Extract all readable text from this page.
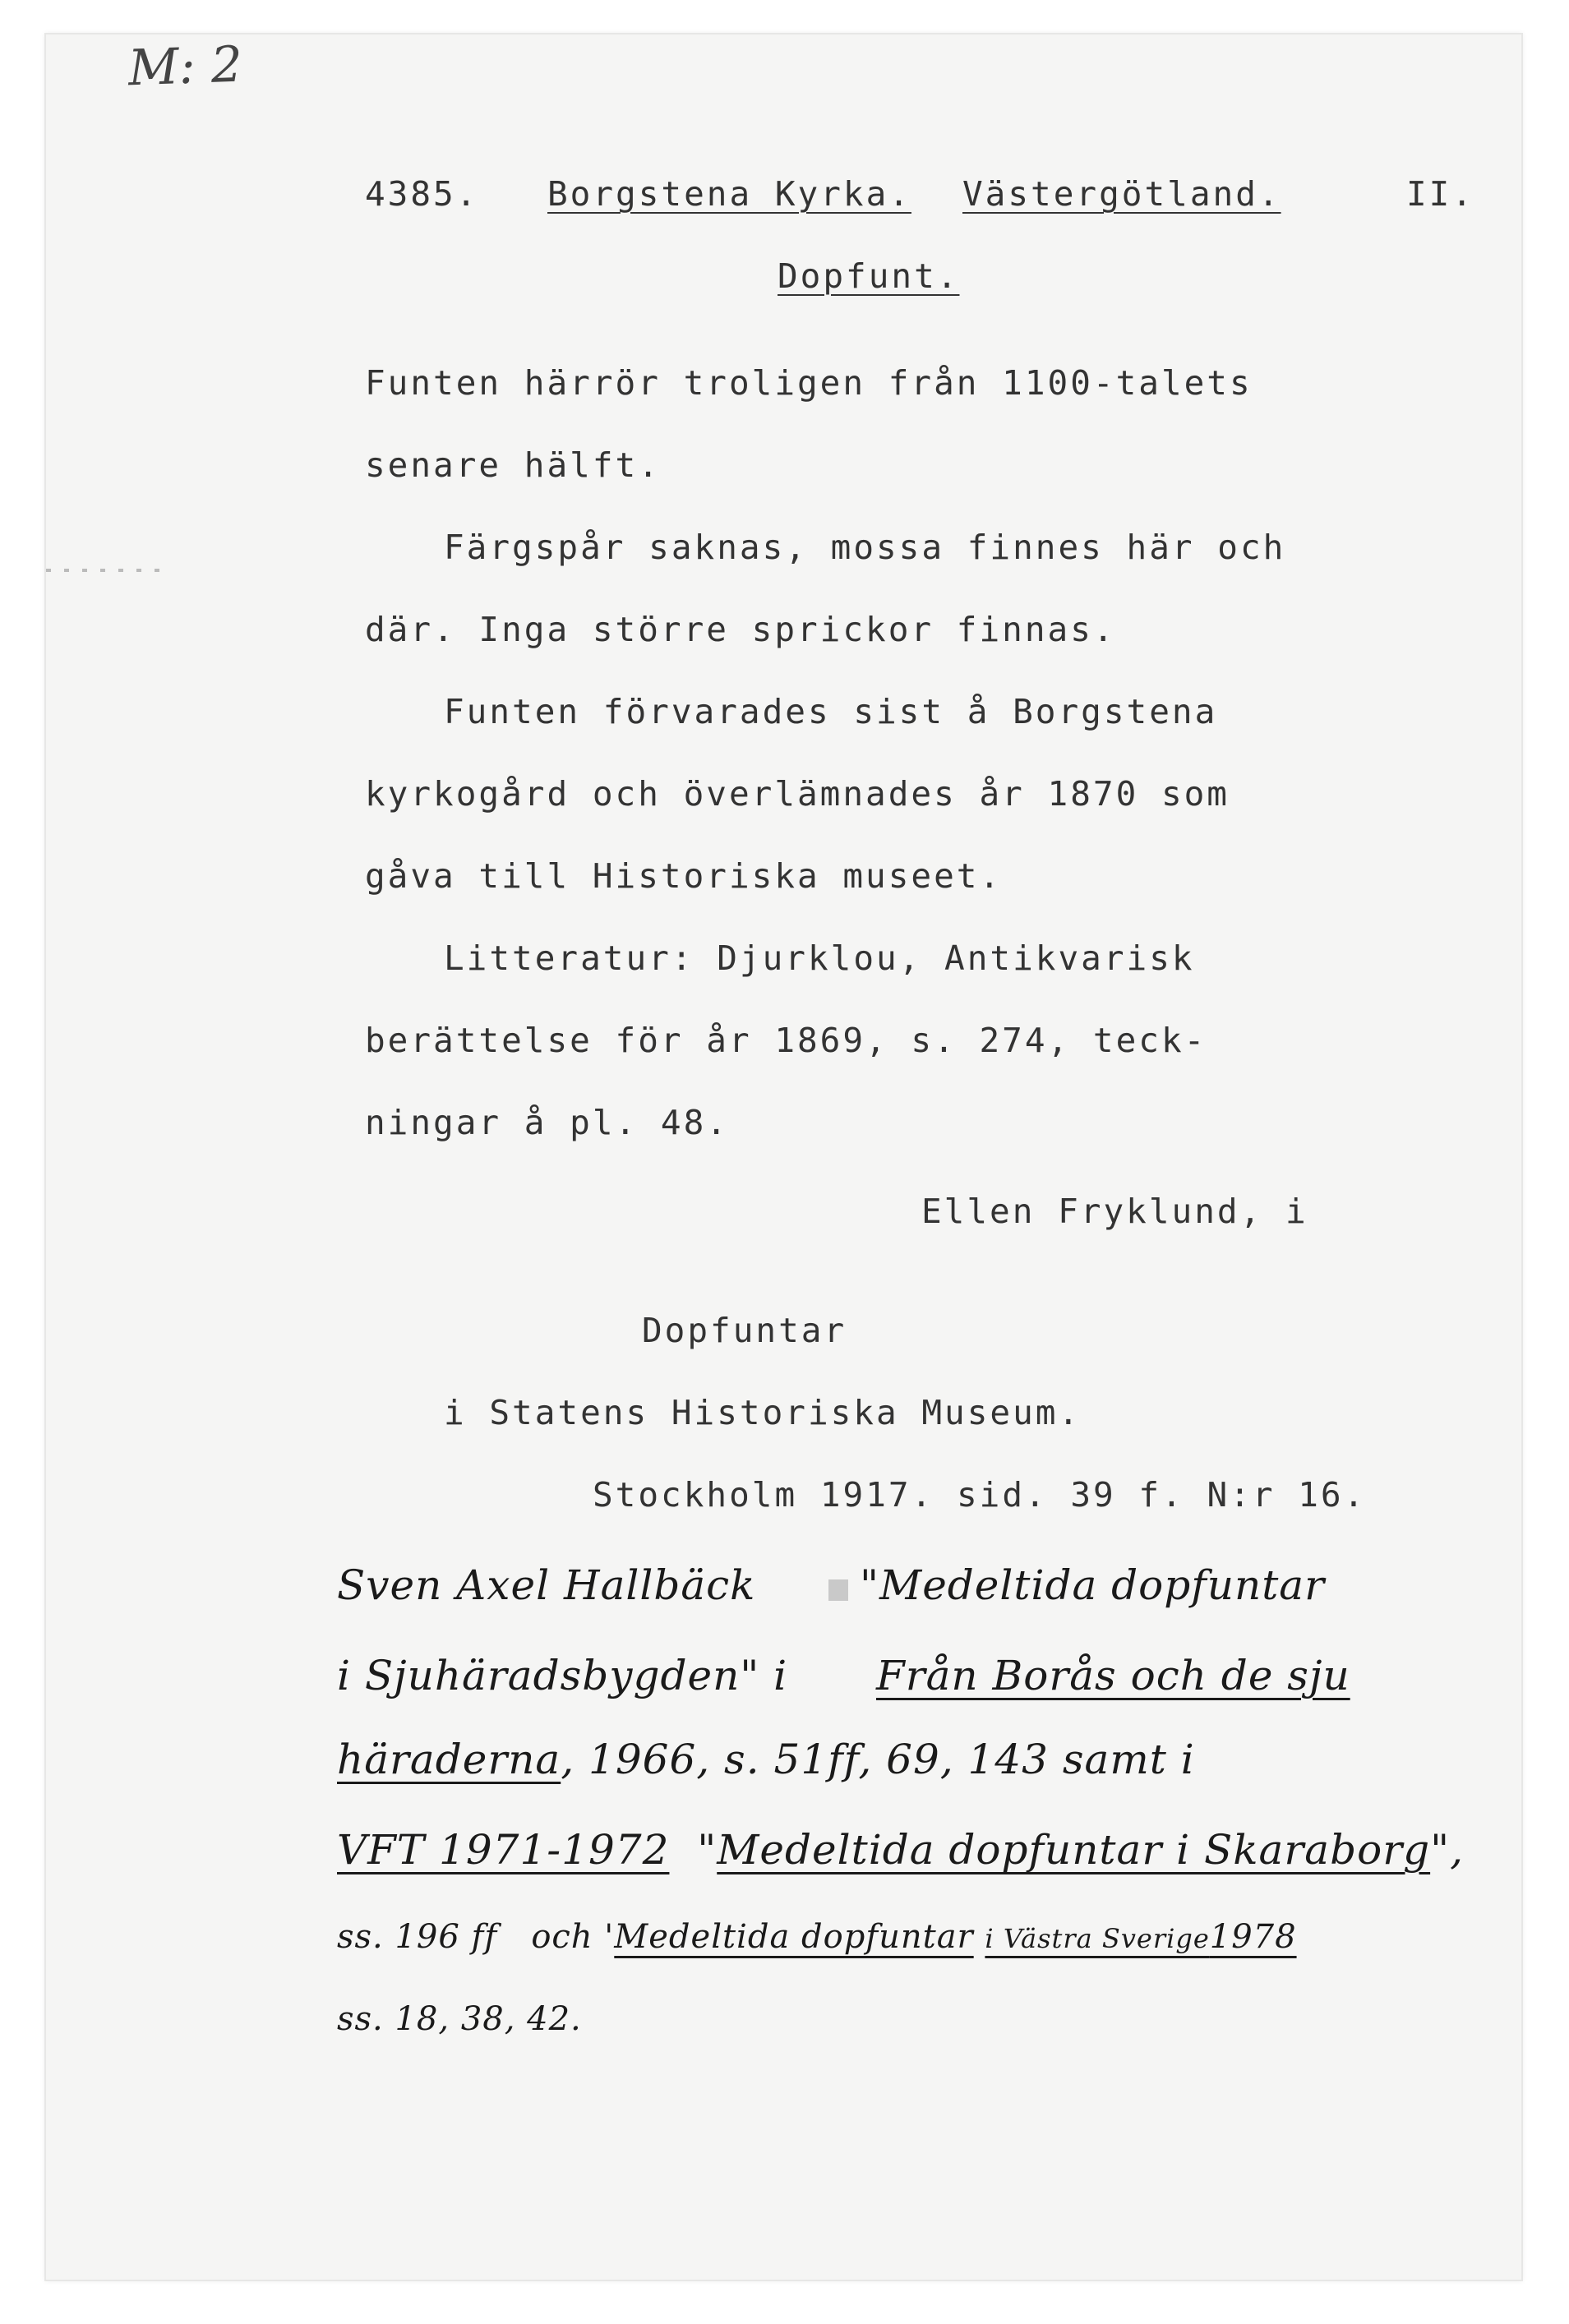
M: 2
4385. Borgstena Kyrka. Västergötland.	II.
Dopfunt.
Funten härrör troligen från 1100-talets
senare hälft.
Färgspår saknas, mossa finnes här och
där. Inga större sprickor finnas.
Funten förvarades sist å Borgstena
kyrkogård och överlämnades år 1870 som
gåva till Historiska museet.
Litteratur: Djurklou, Antikvarisk
berättelse för år 1869, s. 274, teck-
ningar å pl. 48.
Ellen Fryklund, i
Dopfuntar
i Statens Historiska Museum.
Stockholm 1917. sid. 39 f. N:r 16.
Sven Axel Hallbäck	"Medeltida dopfuntar
i Sjuhäradsbygden" i Från Borås och de sju
häraderna, 1966, s. 51ff, 69, 143 samt i
VFT 1971-1972 "Medeltida dopfuntar i Skaraborg",
ss. 196 ff och 'Medeltida dopfuntar i Västra Sverige1978
ss. 18, 38, 42.
